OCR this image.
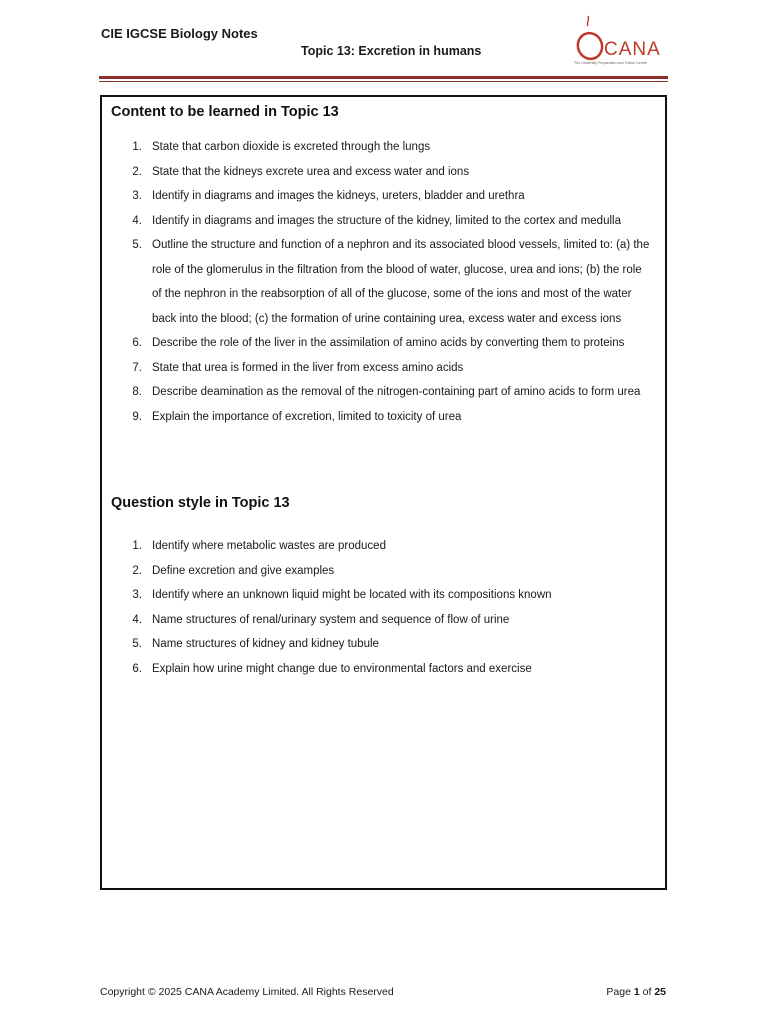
CIE IGCSE Biology Notes
Topic 13: Excretion in humans	CANA
The University Preparation and Tuition Centre
Content to be learned in Topic 13
1. State that carbon dioxide is excreted through the lungs
2. State that the kidneys excrete urea and excess water and ions
3. Identify in diagrams and images the kidneys, ureters, bladder and urethra
4. Identify in diagrams and images the structure of the kidney, limited to the cortex and medulla
5. Outline the structure and function of a nephron and its associated blood vessels, limited to: (a) the role of the glomerulus in the filtration from the blood of water, glucose, urea and ions; (b) the role of the nephron in the reabsorption of all of the glucose, some of the ions and most of the water back into the blood; (c) the formation of urine containing urea, excess water and excess ions
6. Describe the role of the liver in the assimilation of amino acids by converting them to proteins
7. State that urea is formed in the liver from excess amino acids
8. Describe deamination as the removal of the nitrogen-containing part of amino acids to form urea
9. Explain the importance of excretion, limited to toxicity of urea
Question style in Topic 13
1. Identify where metabolic wastes are produced
2. Define excretion and give examples
3. Identify where an unknown liquid might be located with its compositions known
4. Name structures of renal/urinary system and sequence of flow of urine
5. Name structures of kidney and kidney tubule
6. Explain how urine might change due to environmental factors and exercise
Copyright © 2025 CANA Academy Limited. All Rights Reserved	Page 1 of 25
